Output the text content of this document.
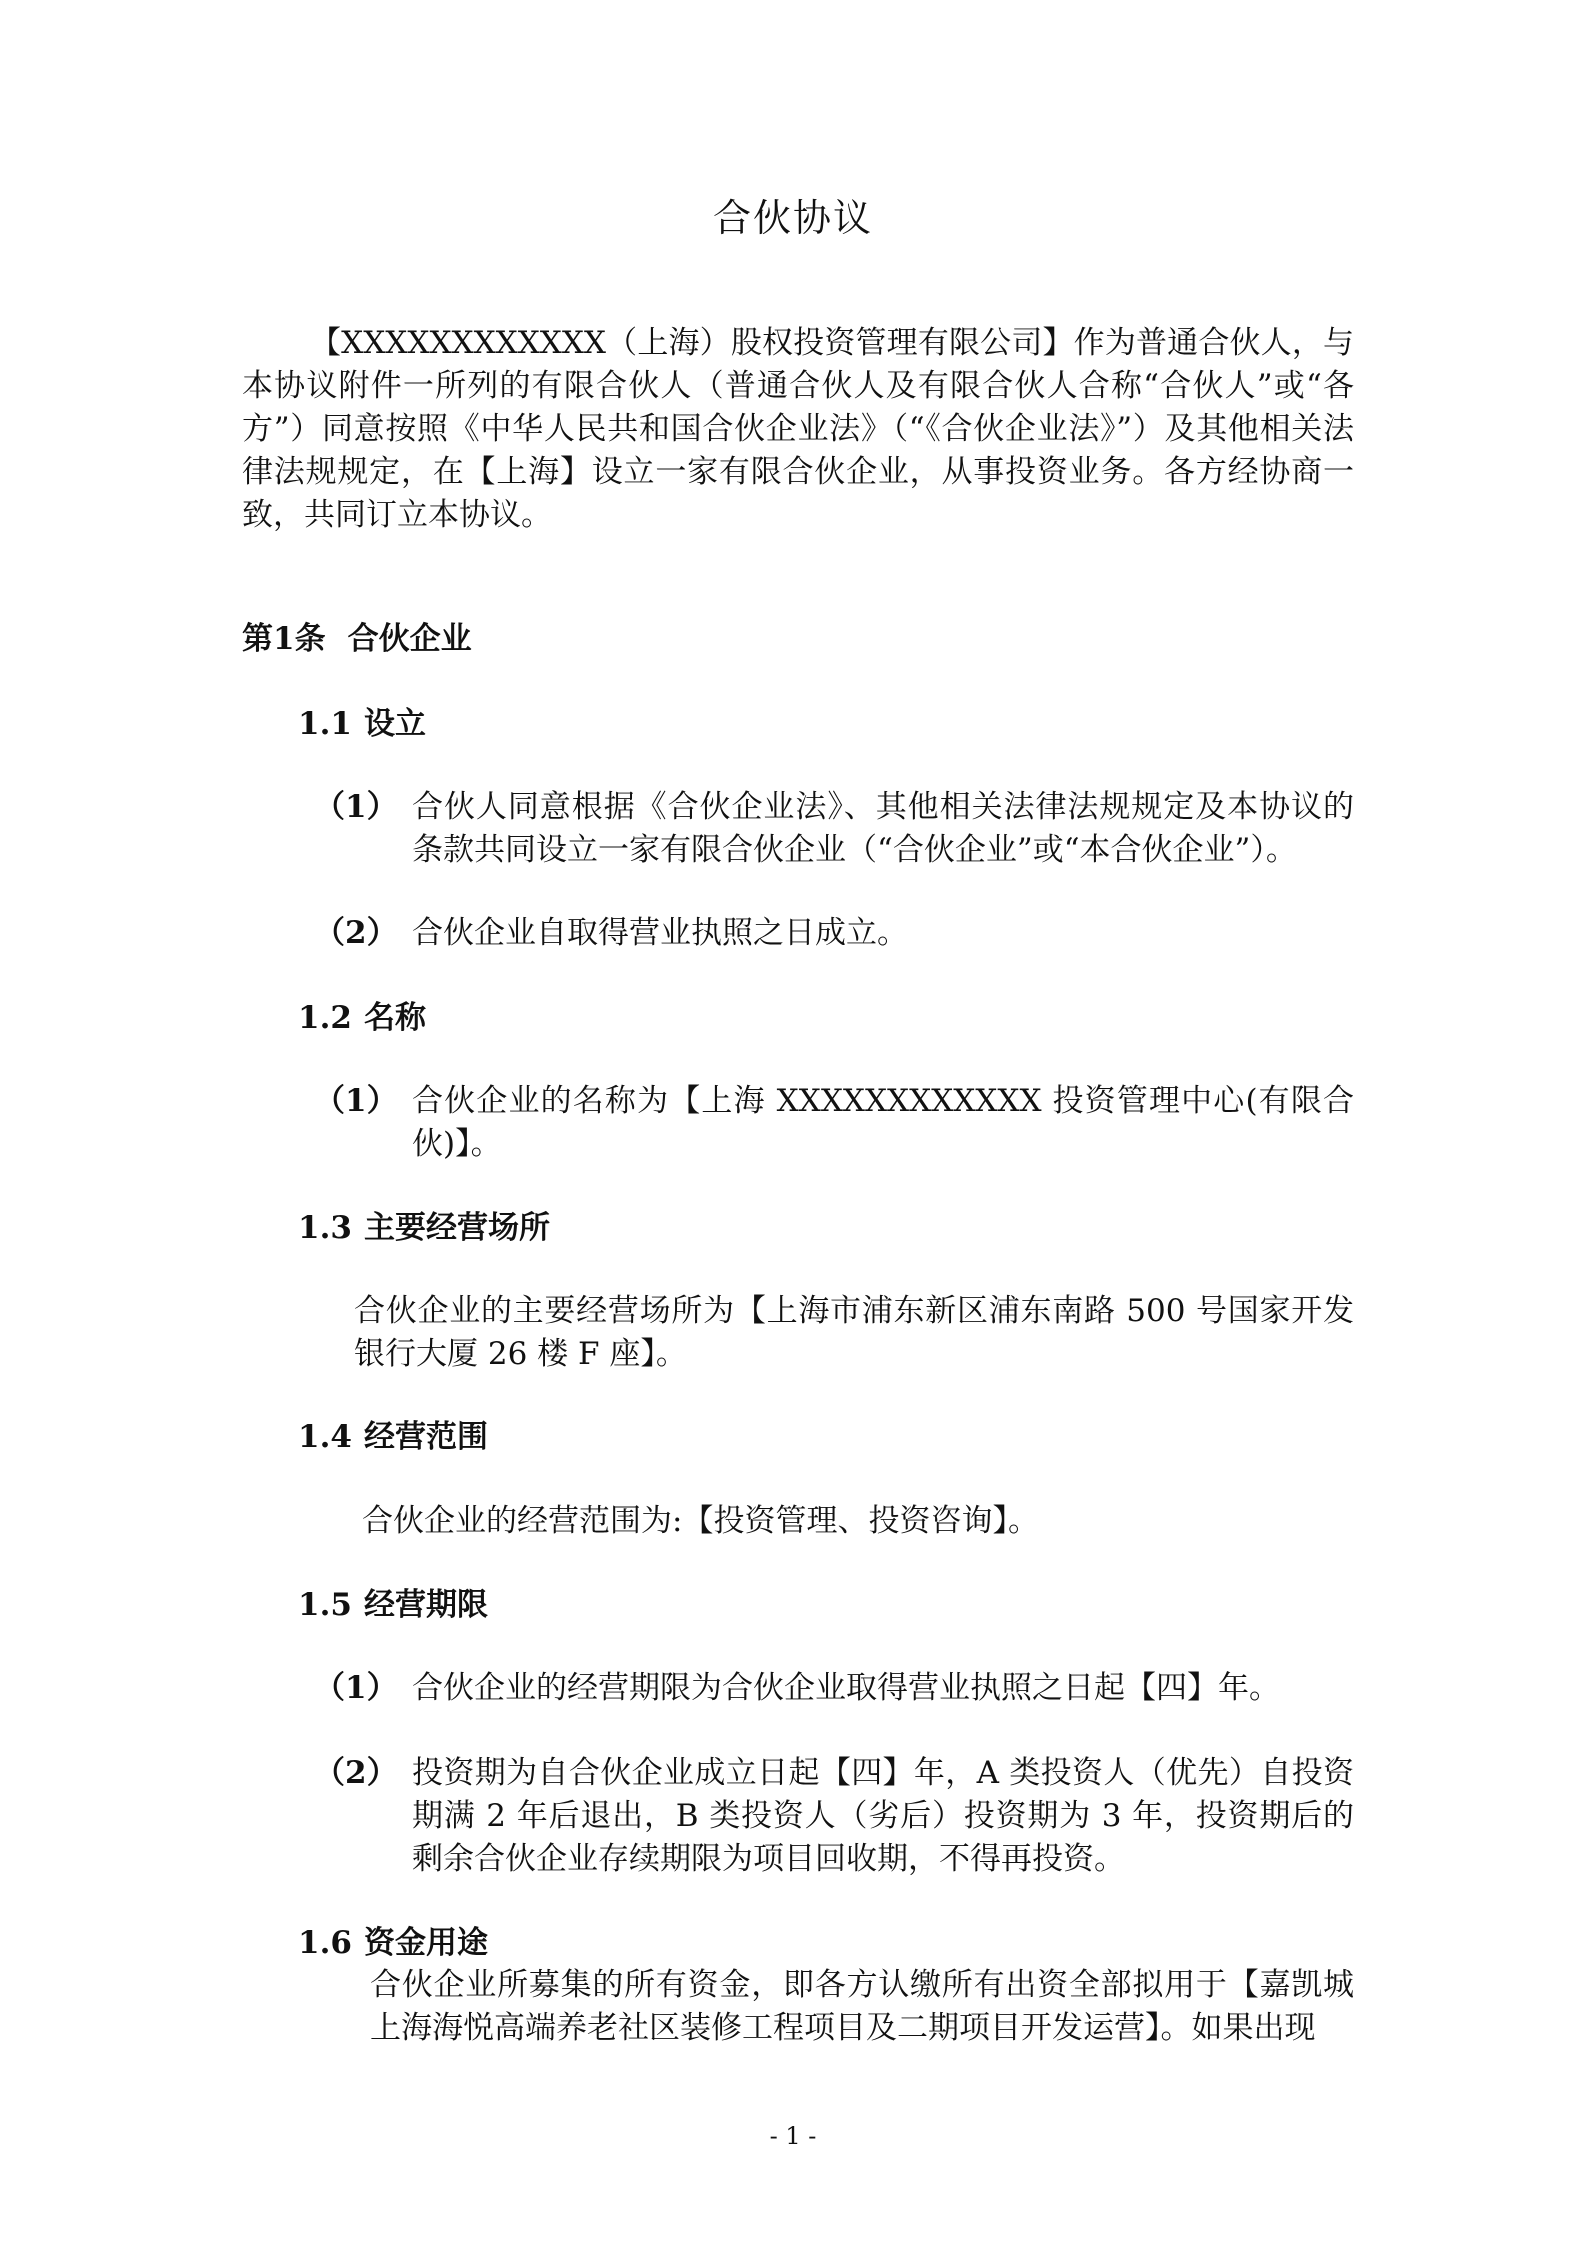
合伙协议

【XXXXXXXXXXXX（上海）股权投资管理有限公司】作为普通合伙人，与本协议附件一所列的有限合伙人（普通合伙人及有限合伙人合称“合伙人”或“各方”）同意按照《中华人民共和国合伙企业法》（“《合伙企业法》”）及其他相关法律法规规定，在【上海】设立一家有限合伙企业，从事投资业务。各方经协商一致，共同订立本协议。

第1条 合伙企业
1.1 设立
（1） 合伙人同意根据《合伙企业法》、其他相关法律法规规定及本协议的条款共同设立一家有限合伙企业（“合伙企业”或“本合伙企业”）。
（2） 合伙企业自取得营业执照之日成立。
1.2 名称
（1） 合伙企业的名称为【上海 XXXXXXXXXXXX 投资管理中心(有限合伙)】。
1.3 主要经营场所

合伙企业的主要经营场所为【上海市浦东新区浦东南路 500 号国家开发银行大厦 26 楼 F 座】。

1.4 经营范围

合伙企业的经营范围为:【投资管理、投资咨询】。

1.5 经营期限
（1） 合伙企业的经营期限为合伙企业取得营业执照之日起【四】年。
（2） 投资期为自合伙企业成立日起【四】年，A 类投资人（优先）自投资期满 2 年后退出，B 类投资人（劣后）投资期为 3 年，投资期后的剩余合伙企业存续期限为项目回收期，不得再投资。
1.6 资金用途

合伙企业所募集的所有资金，即各方认缴所有出资全部拟用于【嘉凯城上海海悦高端养老社区装修工程项目及二期项目开发运营】。如果出现

- 1 -
